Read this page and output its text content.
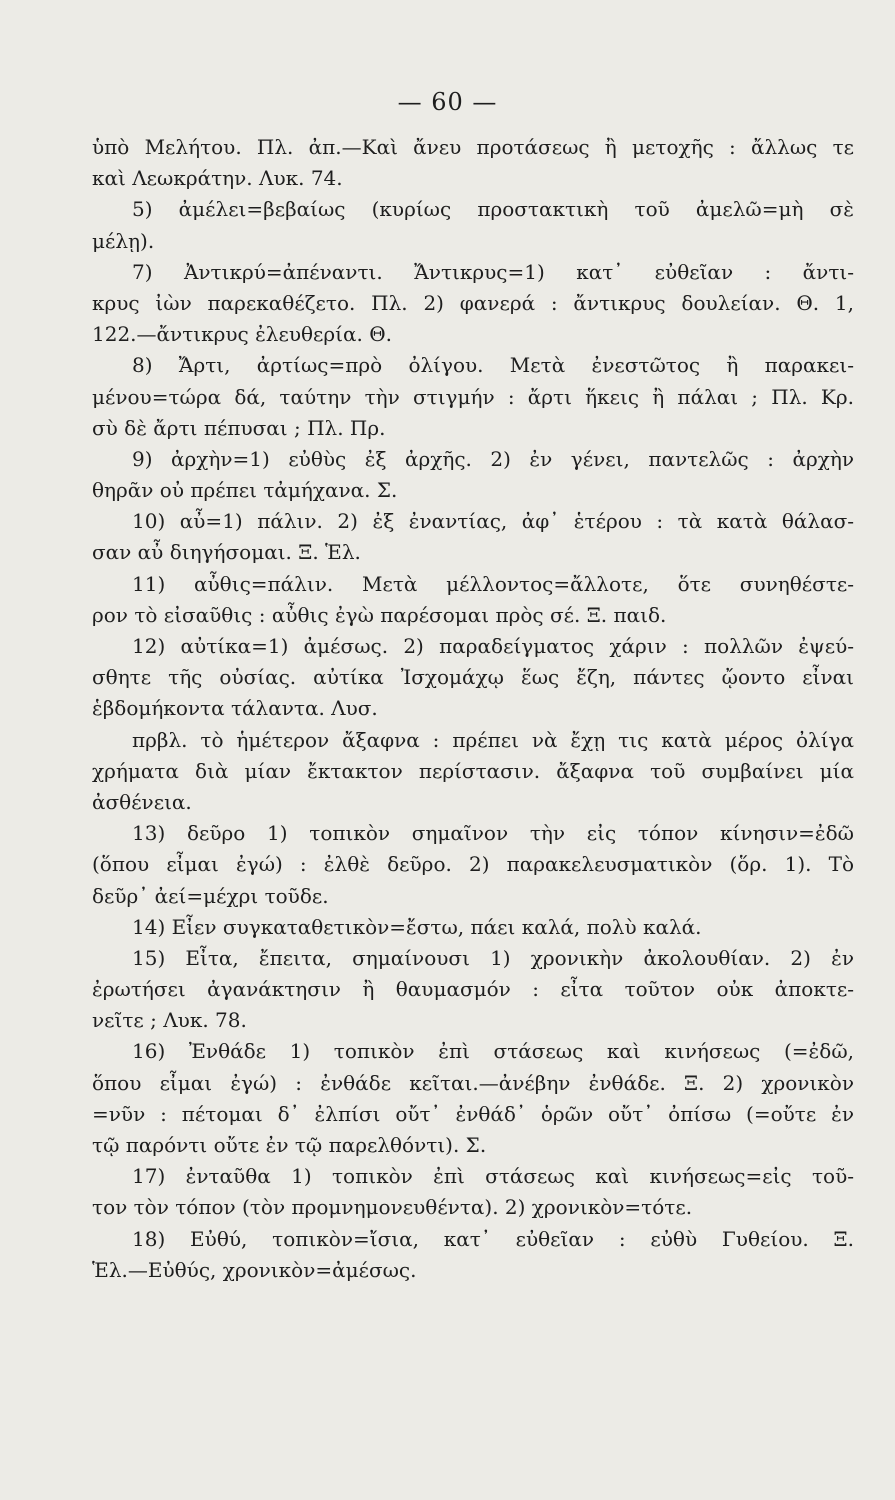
— 60 —
ὑπὸ Μελήτου. Πλ. ἀπ.—Καὶ ἄνευ προτάσεως ἢ μετοχῆς : ἄλλως τε
καὶ Λεωκράτην. Λυκ. 74.
5) ἀμέλει=βεβαίως (κυρίως προστακτικὴ τοῦ ἀμελῶ=μὴ σὲ
μέλῃ).
7) Ἀντικρύ=ἀπέναντι. Ἄντικρυς=1) κατ᾽ εὐθεῖαν : ἄντι-
κρυς ἰὼν παρεκαθέζετο. Πλ. 2) φανερά : ἄντικρυς δουλείαν. Θ. 1,
122.—ἄντικρυς ἐλευθερία. Θ.
8) Ἄρτι, ἀρτίως=πρὸ ὀλίγου. Μετὰ ἐνεστῶτος ἢ παρακει-
μένου=τώρα δά, ταύτην τὴν στιγμήν : ἄρτι ἥκεις ἢ πάλαι ; Πλ. Κρ.
σὺ δὲ ἄρτι πέπυσαι ; Πλ. Πρ.
9) ἀρχὴν=1) εὐθὺς ἐξ ἀρχῆς. 2) ἐν γένει, παντελῶς : ἀρχὴν
θηρᾶν οὐ πρέπει τἀμήχανα. Σ.
10) αὖ=1) πάλιν. 2) ἐξ ἐναντίας, ἀφ᾽ ἑτέρου : τὰ κατὰ θάλασ-
σαν αὖ διηγήσομαι. Ξ. Ἑλ.
11) αὖθις=πάλιν. Μετὰ μέλλοντος=ἄλλοτε, ὅτε συνηθέστε-
ρον τὸ εἰσαῦθις : αὖθις ἐγὼ παρέσομαι πρὸς σέ. Ξ. παιδ.
12) αὐτίκα=1) ἀμέσως. 2) παραδείγματος χάριν : πολλῶν ἐψεύ-
σθητε τῆς οὐσίας. αὐτίκα Ἰσχομάχῳ ἕως ἔζη, πάντες ᾤοντο εἶναι
ἑβδομήκοντα τάλαντα. Λυσ.
πρβλ. τὸ ἡμέτερον ἄξαφνα : πρέπει νὰ ἔχῃ τις κατὰ μέρος ὀλίγα
χρήματα διὰ μίαν ἔκτακτον περίστασιν. ἄξαφνα τοῦ συμβαίνει μία
ἀσθένεια.
13) δεῦρο 1) τοπικὸν σημαῖνον τὴν εἰς τόπον κίνησιν=ἐδῶ
(ὅπου εἶμαι ἐγώ) : ἐλθὲ δεῦρο. 2) παρακελευσματικὸν (ὅρ. 1). Τὸ
δεῦρ᾽ ἀεί=μέχρι τοῦδε.
14) Εἶεν συγκαταθετικὸν=ἔστω, πάει καλά, πολὺ καλά.
15) Εἶτα, ἔπειτα, σημαίνουσι 1) χρονικὴν ἀκολουθίαν. 2) ἐν
ἐρωτήσει ἀγανάκτησιν ἢ θαυμασμόν : εἶτα τοῦτον οὐκ ἀποκτε-
νεῖτε ; Λυκ. 78.
16) Ἐνθάδε 1) τοπικὸν ἐπὶ στάσεως καὶ κινήσεως (=ἐδῶ,
ὅπου εἶμαι ἐγώ) : ἐνθάδε κεῖται.—ἀνέβην ἐνθάδε. Ξ. 2) χρονικὸν
=νῦν : πέτομαι δ᾽ ἐλπίσι οὔτ᾽ ἐνθάδ᾽ ὁρῶν οὔτ᾽ ὀπίσω (=οὔτε ἐν
τῷ παρόντι οὔτε ἐν τῷ παρελθόντι). Σ.
17) ἐνταῦθα 1) τοπικὸν ἐπὶ στάσεως καὶ κινήσεως=εἰς τοῦ-
τον τὸν τόπον (τὸν προμνημονευθέντα). 2) χρονικὸν=τότε.
18) Εὐθύ, τοπικὸν=ἴσια, κατ᾽ εὐθεῖαν : εὐθὺ Γυθείου. Ξ.
Ἑλ.—Εὐθύς, χρονικὸν=ἀμέσως.
